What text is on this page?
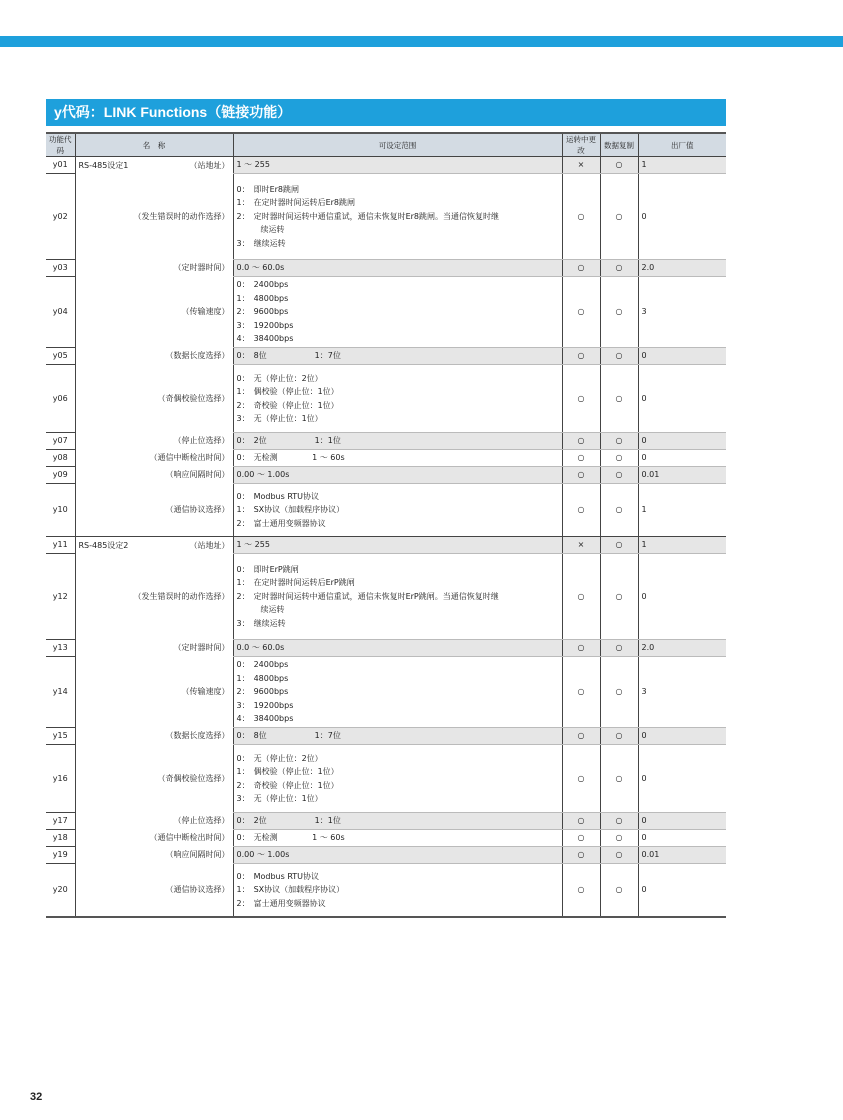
y代码：LINK Functions（链接功能）
功能代码	名　称	可设定范围	运转中更改	数据复制	出厂值
y01	RS-485设定1 （站地址）	1 ～ 255	×	○	1
y02	（发生错误时的动作选择）	0：　即时Er8跳闸
1：　在定时器时间运转后Er8跳闸
2：　定时器时间运转中通信重试，通信未恢复时Er8跳闸。当通信恢复时继
　　　续运转
3：　继续运转	○	○	0
y03	（定时器时间）	0.0 ～ 60.0s	○	○	2.0
y04	（传输速度）	0：　2400bps
1：　4800bps
2：　9600bps
3：　19200bps
4：　38400bps	○	○	3
y05	（数据长度选择）	0：　8位　　　　　　1：7位	○	○	0
y06	（奇偶校验位选择）	0：　无（停止位：2位）
1：　偶校验（停止位：1位）
2：　奇校验（停止位：1位）
3：　无（停止位：1位）	○	○	0
y07	（停止位选择）	0：　2位　　　　　　1：1位	○	○	0
y08	（通信中断检出时间）	0：　无检测　　　　 1 ～ 60s	○	○	0
y09	（响应间隔时间）	0.00 ～ 1.00s	○	○	0.01
y10	（通信协议选择）	0：　Modbus RTU协议
1：　SX协议（加载程序协议）
2：　富士通用变频器协议	○	○	1
y11	RS-485设定2 （站地址）	1 ～ 255	×	○	1
y12	（发生错误时的动作选择）	0：　即时ErP跳闸
1：　在定时器时间运转后ErP跳闸
2：　定时器时间运转中通信重试，通信未恢复时ErP跳闸。当通信恢复时继
　　　续运转
3：　继续运转	○	○	0
y13	（定时器时间）	0.0 ～ 60.0s	○	○	2.0
y14	（传输速度）	0：　2400bps
1：　4800bps
2：　9600bps
3：　19200bps
4：　38400bps	○	○	3
y15	（数据长度选择）	0：　8位　　　　　　1：7位	○	○	0
y16	（奇偶校验位选择）	0：　无（停止位：2位）
1：　偶校验（停止位：1位）
2：　奇校验（停止位：1位）
3：　无（停止位：1位）	○	○	0
y17	（停止位选择）	0：　2位　　　　　　1：1位	○	○	0
y18	（通信中断检出时间）	0：　无检测　　　　 1 ～ 60s	○	○	0
y19	（响应间隔时间）	0.00 ～ 1.00s	○	○	0.01
y20	（通信协议选择）	0：　Modbus RTU协议
1：　SX协议（加载程序协议）
2：　富士通用变频器协议	○	○	0
32
